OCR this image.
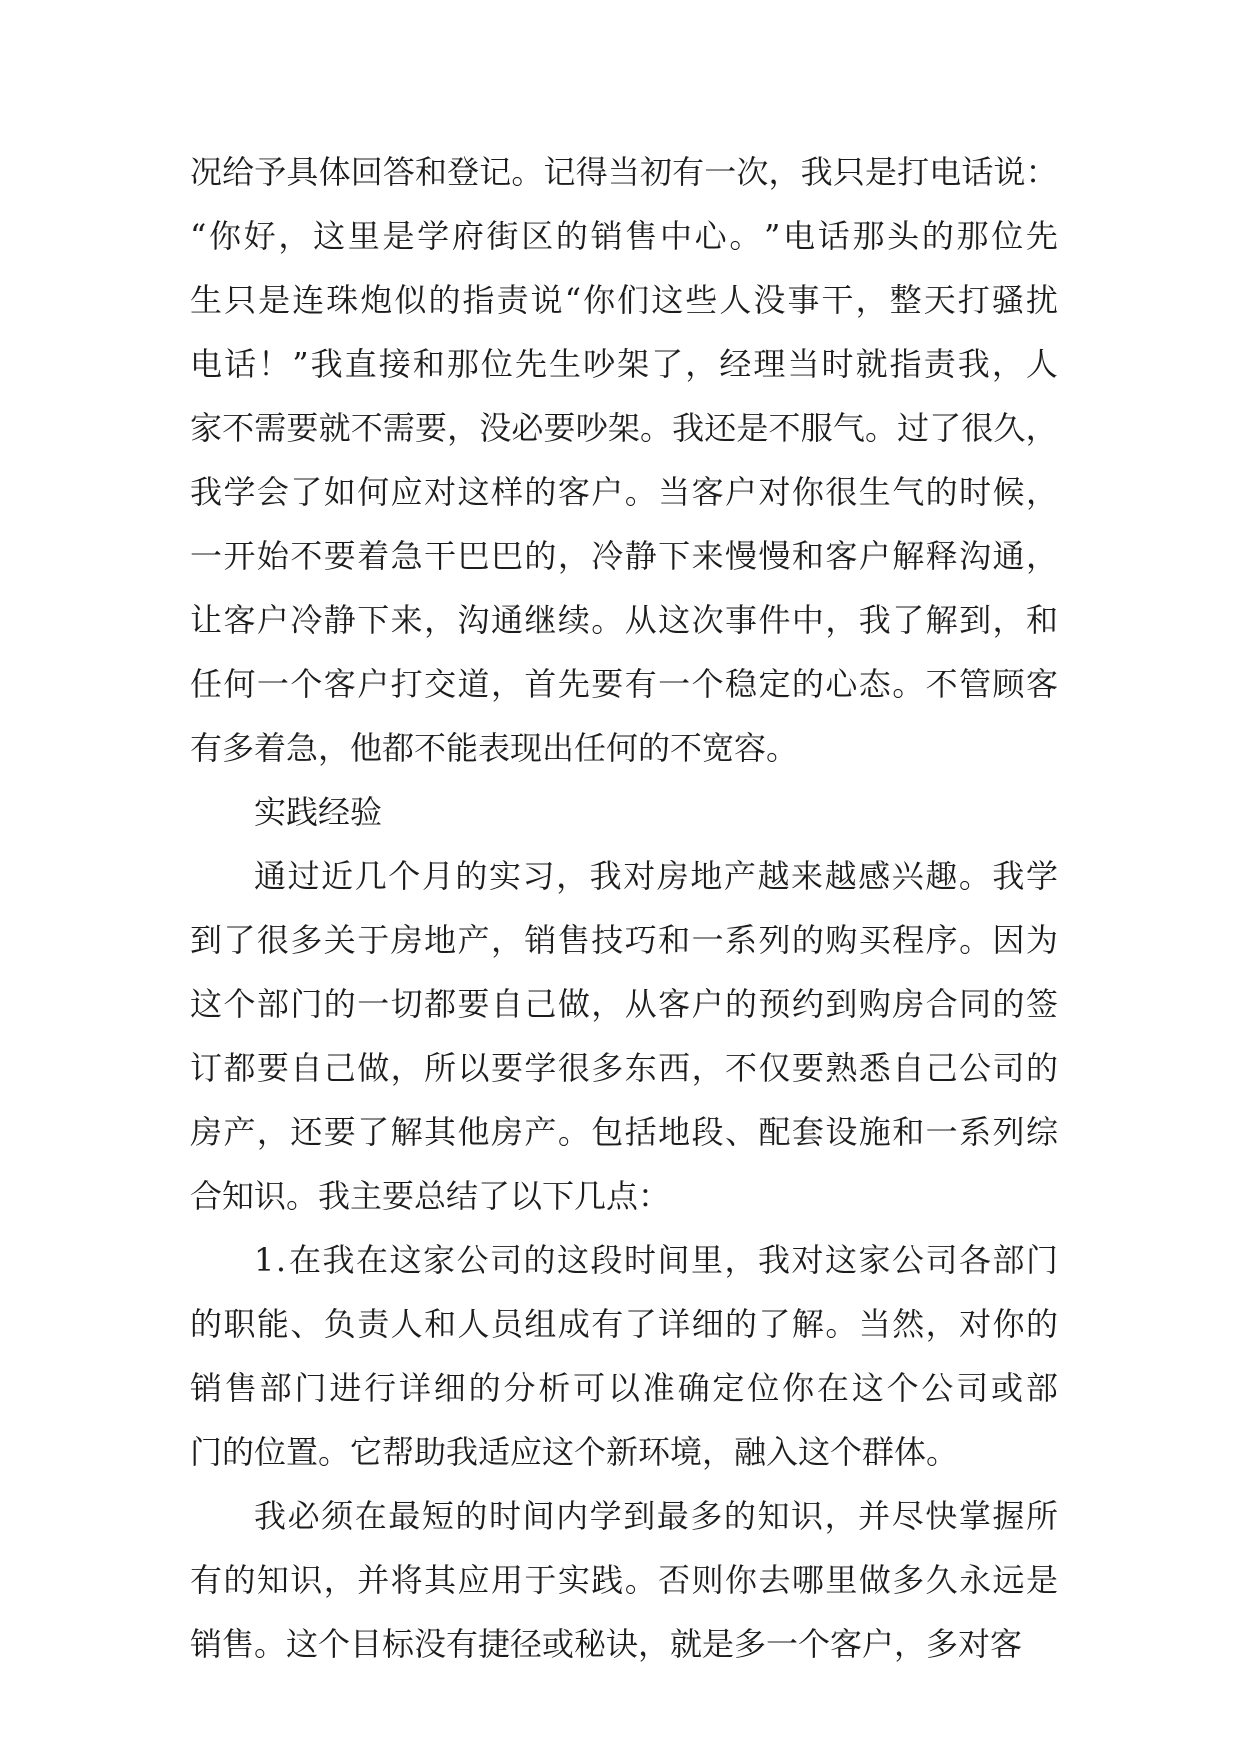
况 给 予 具 体 回 答 和 登 记 。 记 得 当 初 有 一 次 ， 我 只 是 打 电 话 说 ：
“ 你 好 ， 这 里 是 学 府 街 区 的 销 售 中 心 。 ” 电 话 那 头 的 那 位 先
生 只 是 连 珠 炮 似 的 指 责 说 “ 你 们 这 些 人 没 事 干 ， 整 天 打 骚 扰
电 话 ！ ” 我 直 接 和 那 位 先 生 吵 架 了 ， 经 理 当 时 就 指 责 我 ， 人
家 不 需 要 就 不 需 要 ， 没 必 要 吵 架 。 我 还 是 不 服 气 。 过 了 很 久 ，
我 学 会 了 如 何 应 对 这 样 的 客 户 。 当 客 户 对 你 很 生 气 的 时 候 ，
一 开 始 不 要 着 急 干 巴 巴 的 ， 冷 静 下 来 慢 慢 和 客 户 解 释 沟 通 ，
让 客 户 冷 静 下 来 ， 沟 通 继 续 。 从 这 次 事 件 中 ， 我 了 解 到 ， 和
任 何 一 个 客 户 打 交 道 ， 首 先 要 有 一 个 稳 定 的 心 态 。 不 管 顾 客
有多着急，他都不能表现出任何的不宽容。
实践经验
通 过 近 几 个 月 的 实 习 ， 我 对 房 地 产 越 来 越 感 兴 趣 。 我 学
到 了 很 多 关 于 房 地 产 ， 销 售 技 巧 和 一 系 列 的 购 买 程 序 。 因 为
这 个 部 门 的 一 切 都 要 自 己 做 ， 从 客 户 的 预 约 到 购 房 合 同 的 签
订 都 要 自 己 做 ， 所 以 要 学 很 多 东 西 ， 不 仅 要 熟 悉 自 己 公 司 的
房 产 ， 还 要 了 解 其 他 房 产 。 包 括 地 段 、 配 套 设 施 和 一 系 列 综
合知识。我主要总结了以下几点：
1 . 在 我 在 这 家 公 司 的 这 段 时 间 里 ， 我 对 这 家 公 司 各 部 门
的 职 能 、 负 责 人 和 人 员 组 成 有 了 详 细 的 了 解 。 当 然 ， 对 你 的
销 售 部 门 进 行 详 细 的 分 析 可 以 准 确 定 位 你 在 这 个 公 司 或 部
门的位置。它帮助我适应这个新环境，融入这个群体。
我 必 须 在 最 短 的 时 间 内 学 到 最 多 的 知 识 ， 并 尽 快 掌 握 所
有 的 知 识 ， 并 将 其 应 用 于 实 践 。 否 则 你 去 哪 里 做 多 久 永 远 是
销售。这个目标没有捷径或秘诀，就是多一个客户，多对客
